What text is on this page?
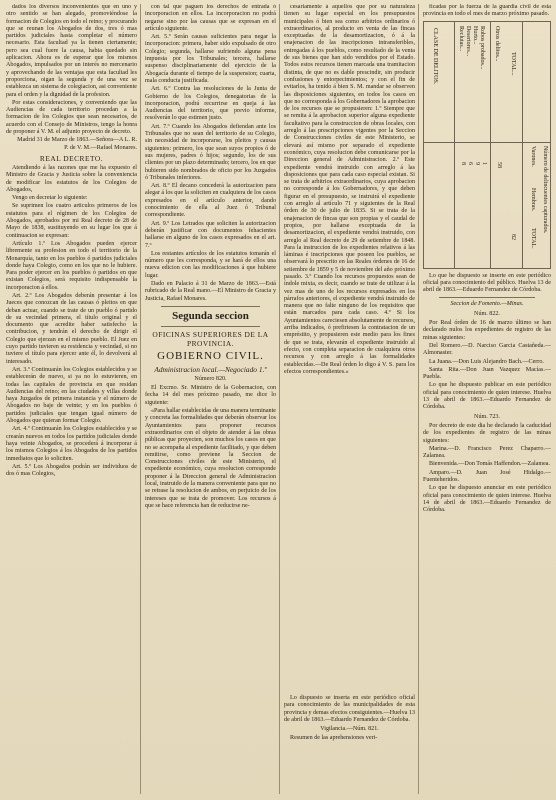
dados los diversos inconvenientes que en uno y otro sentido se han alegado, promoviéndose la formacion de Colegios en todo el reino; y procurando que se reunan los Abogados de dos, tres ó mas partidos judiciales hasta completar el número necesario. Esta facultad ya la tienen ciertamente; pero sea cual fuere la causa, habia quedado sin aplicacion. Ahora es de esperar que los mismos Abogados, impulsados por un interés no mercenario y aprovechando de las ventajas que esta facultad les proporciona, oigan la segunda y de una vez se establezca un sistema de colegiacion, asi conveniente para el orden y la dignidad de la profesion.

Por estas consideraciones, y conveniendo que las Audiencias de cada territorio procedan a la formacion de los Colegios que sean necesarios, de acuerdo con el Consejo de Ministros, tengo la honra de proponer á V. M. el adjunto proyecto de decreto.

Madrid 31 de Marzo de 1863.—Señora—A L. R. P. de V. M.—Rafael Monares.

REAL DECRETO.

Atendiendo á las razones que me ha expuesto el Ministro de Gracia y Justicia sobre la conveniencia de modificar los estatutos de los Colegios de Abogados,

Vengo en decretar lo siguiente:

Se suprimen los cuatro articulos primeros de los estatutos para el régimen de los Colegios de Abogados, aprobados por mi Real decreto de 28 de Mayo de 1838, sustituyendo en su lugar los que á continuacion se expresan:

Artículo 1.º Los Abogados pueden ejercer libremente su profesion en todo el territorio de la Monarquía, tanto en los pueblos ó partidos judiciales donde haya Colegio, como en los que no le hubiere. Para poder ejercer en los pueblos ó partidos en que existan Colegios, será requisito indispensable la incorporacion á ellos.

Art. 2.º Los Abogados deberán presentar á los Jueces que conozcan de las causas ó pleitos en que deban actuar, cuando se trate de un pueblo ó partido de su vecindad primera, el título original y el documento que acredite haber satisfecho la contribucion, y tendrán el derecho de dirigir el Colegio que ejerzan en el mismo pueblo. El Juez en cuyo partido tuvieren su residencia y vecindad, si no tuviere el título para ejercer ante él, lo devolverá al interesado.

Art. 3.º Continuarán los Colegios establecidos y se establecerán de nuevo, si ya no lo estuvieren, en todas las capitales de provincia en que residan Audiencias del reino; en las ciudades y villas donde haya Juzgados de primera instancia y el número de Abogados no baje de veinte; y en los pueblos ó partidos judiciales que tengan igual número de Abogados que quieran formar Colegio.

Art. 4.º Continuarán los Colegios establecidos y se crearán nuevos en todos los partidos judiciales donde haya veinte Abogados, se procederá á incorporar á los mismos Colegios á los Abogados de los partidos inmediatos que lo soliciten.

Art. 5.º Los Abogados podrán ser individuos de dos ó mas Colegios,

con tal que paguen los derechos de entrada ó incorporacion en ellos. La incorporacion no podrá negarse sino por las causas que se expresan en el artículo siguiente.

Art. 5.º Serán causas suficientes para negar la incorporacion: primera, haber sido expulsado de otro Colegio; segunda, hallarse sufriendo alguna pena impuesta por los Tribunales; tercera, hallarse suspenso disciplinariamente del ejercicio de la Abogacía durante el tiempo de la suspension; cuarta, mala conducta justificada.

Art. 6.º Contra las resoluciones de la Junta de Gobierno de los Colegios, denegatorias de la incorporacion, podrá recurrirse en queja á las Audiencias del territorio, que previo informe, resolverán lo que estimen justo.

Art. 7.º Cuando los Abogados defiendan ante los Tribunales que no sean del territorio de su Colegio, sin necesidad de incorporarse, los pleitos y causas siguientes: primero, los que sean suyos propios ó de sus mujeres, padres ó hijos; segundo, los de sus clientes por un plazo determinado; tercero, los en que hubieren sido nombrados de oficio por los Juzgados ó Tribunales inferiores.

Art. 8.º El decano concederá la autorizacion para alegar á los que la soliciten en cualquiera de los casos expresados en el artículo anterior, dando conocimiento de ella al Juez ó Tribunal correspondiente.

Art. 9.º Los Letrados que soliciten la autorizacion deberán justificar con documentos fehacientes hallarse en alguno de los casos expresados en el art. 7.º

Los restantes artículos de los estatutos tomarán el número que les corresponda, y se hará de ellos una nueva edicion con las modificaciones á que hubiere lugar.

Dado en Palacio á 31 de Marzo de 1863.—Está rubricado de la Real mano.—El Ministro de Gracia y Justicia, Rafael Monares.

Segunda seccion

OFICINAS SUPERIORES DE LA PROVINCIA.

GOBIERNO CIVIL.

Administracion local.—Negociado 1.º

Número 820.

El Excmo. Sr. Ministro de la Gobernacion, con fecha 14 del mes próximo pasado, me dice lo siguiente:

«Para hallar establecidas de una manera terminante y concreta las formalidades que deberán observar los Ayuntamientos para proponer recursos extraordinarios con el objeto de atender á las obras públicas que proyecten, son muchos los casos en que no se acompaña al expediente facilitado, y que deben remitirse, como previene la Seccion de Construcciones civiles de este Ministerio, el expediente económico, cuya resolucion corresponde proponer á la Direccion general de Administracion local, instruido de la manera conveniente para que no se retrase la resolucion de ambos, en perjuicio de los intereses que se trata de promover. Los recursos á que se hace referencia han de reducirse ne-

cesariamente á aquellos que por su naturaleza tienen su lugar especial en los presupuestos municipales ó bien sea como arbitrios ordinarios ó extraordinarios, al producto en venta de las fincas exceptuadas de la desamortizacion, ó á la enajenacion de las inscripciones intransferibles, entregadas á los pueblos, como resultado de la venta de sus bienes que han sido vendidos por el Estado. Todos estos recursos tienen marcada una tramitacion distinta, de que no es dable prescindir, sin producir confusiones y entorpecimientos; y con el fin de evitarlos, ha tenido á bien S. M. mandar se observen las disposiciones siguientes, en todos los casos en que no corresponda á los Gobernadores la aprobacion de los recursos que se propusieren: 1.º Siempre que se remita á la aprobacion superior alguna expediente facultativo para la construccion de obras locales, con arreglo á las prescripciones vigentes por la Seccion de Construcciones civiles de este Ministerio, se elevará así mismo por separado el expediente económico, cuya resolucion debe comunicarse por la Direccion general de Administracion. 2.º Este expediente vendrá instruido con arreglo á las disposiciones que para cada caso especial existan. Si se trata de arbitrios extraordinarios, cuya aprobacion no corresponde á los Gobernadores, y que deben figurar en el presupuesto, se instruirá el expediente con arreglo al artículo 71 y siguientes de la Real órden de 30 de julio de 1835. Si se trata de la enajenacion de fincas que son propias y el caudal de propios, por hallarse exceptuada de la desamortizacion, el expediente vendrá instruido, con arreglo al Real decreto de 29 de setiembre de 1848. Para la instruccion de los expedientes relativos á las láminas é inscripciones que poseen los pueblos, se observará lo prescrito en las Reales órdenes de 16 de setiembre de 1859 y 5 de noviembre del año próximo pasado. 3.º Cuando los recursos propuestos sean de índole mixta, es decir, cuando se trate de utilizar á la vez mas de uno de los recursos expresados en los párrafos anteriores, el expediente vendrá instruido de manera que no falte ninguno de los requisitos que están marcados para cada caso. 4.º Si los Ayuntamientos careciesen absolutamente de recursos, arriba indicados, ó prefiriesen la contratacion de un empréstito, y propusieren este medio para los fines de que se trata, elevarán el expediente instruido al efecto, con completa separacion de cualquiera otros recursos y con arreglo á las formalidades establecidas.—De Real órden lo digo á V. S. para los efectos correspondientes.»

Lo dispuesto se inserta en este periódico oficial para conocimiento de las municipalidades de esta provincia y demas efectos consiguientes.—Huelva 13 de abril de 1863.—Eduardo Fernandez de Córdoba.

Vigilancia.—Núm. 821.

Resumen de las aprehensiones veri-

ficadas por la fuerza de la guardia civil de esta provincia en todo el mes de marzo próximo pasado.

CLASE DE DELITOS.	Reclutas... Desertores... Hurto... Robos probados... Otros delitos...
TOTAL...
Número de delincuentes capturados.
Varones.
Hembras.
TOTAL.
8 6 9 1 58
82

Lo que he dispuesto se inserte en este periódico oficial para conocimiento del público. Huelva 13 de abril de 1863.—Eduardo Fernandez de Córdoba.

Seccion de Fomento.—Minas.

Núm. 822.

Por Real órden de 16 de marzo último se han declarado nulos los expedientes de registro de las minas siguientes:

Del Romero.—D. Narciso Garcia Castañeda.—Almonaster.

La Juana.—Don Luis Alejandro Bach.—Cerro.

Santa Rita.—Don Juan Vazquez Macías.—Puebla.

Lo que he dispuesto publicar en este periódico oficial para conocimiento de quien interese. Huelva 13 de abril de 1863.—Eduardo Fernandez de Córdoba.

Núm. 723.

Por decreto de este dia he declarado la caducidad de los expedientes de registro de las minas siguientes:

Marina.—D. Francisco Perez Chaparro.—Zalamea.

Bienvenida.—Don Tomás Haffendon.—Zalamea.

Amparo.—D. Juan José Hidalgo.—Fuenteheridos.

Lo que he dispuesto anunciar en este periódico oficial para conocimiento de quien interese. Huelva 14 de abril de 1863.—Eduardo Fernandez de Córdoba.
